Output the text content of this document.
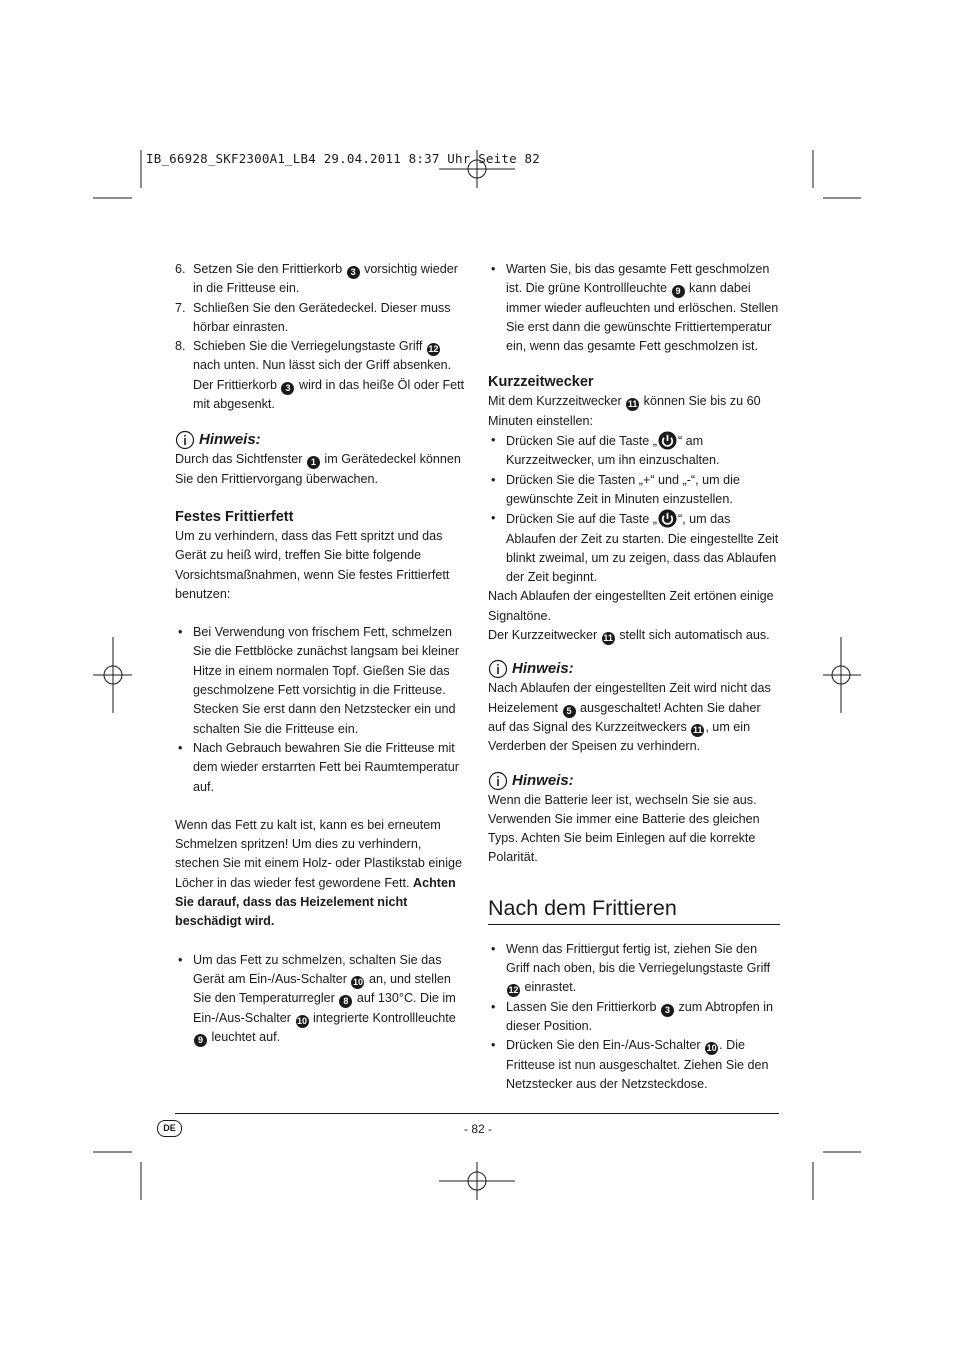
IB_66928_SKF2300A1_LB4 29.04.2011 8:37 Uhr Seite 82
6. Setzen Sie den Frittierkorb 3 vorsichtig wieder in die Fritteuse ein.
7. Schließen Sie den Gerätedeckel. Dieser muss hörbar einrasten.
8. Schieben Sie die Verriegelungstaste Griff 12 nach unten. Nun lässt sich der Griff absenken. Der Frittierkorb 3 wird in das heiße Öl oder Fett mit abgesenkt.
Hinweis:

Durch das Sichtfenster 1 im Gerätedeckel können Sie den Frittiervorgang überwachen.

Festes Frittierfett

Um zu verhindern, dass das Fett spritzt und das Gerät zu heiß wird, treffen Sie bitte folgende Vorsichtsmaßnahmen, wenn Sie festes Frittierfett benutzen:

• Bei Verwendung von frischem Fett, schmelzen Sie die Fettblöcke zunächst langsam bei kleiner Hitze in einem normalen Topf. Gießen Sie das geschmolzene Fett vorsichtig in die Fritteuse. Stecken Sie erst dann den Netzstecker ein und schalten Sie die Fritteuse ein.
• Nach Gebrauch bewahren Sie die Fritteuse mit dem wieder erstarrten Fett bei Raumtemperatur auf.

Wenn das Fett zu kalt ist, kann es bei erneutem Schmelzen spritzen! Um dies zu verhindern, stechen Sie mit einem Holz- oder Plastikstab einige Löcher in das wieder fest gewordene Fett. Achten Sie darauf, dass das Heizelement nicht beschädigt wird.

• Um das Fett zu schmelzen, schalten Sie das Gerät am Ein-/Aus-Schalter 10 an, und stellen Sie den Temperaturregler 8 auf 130°C. Die im Ein-/Aus-Schalter 10 integrierte Kontrollleuchte 9 leuchtet auf.
• Warten Sie, bis das gesamte Fett geschmolzen ist. Die grüne Kontrollleuchte 9 kann dabei immer wieder aufleuchten und erlöschen. Stellen Sie erst dann die gewünschte Frittiertemperatur ein, wenn das gesamte Fett geschmolzen ist.
Kurzzeitwecker

Mit dem Kurzzeitwecker 11 können Sie bis zu 60 Minuten einstellen:

• Drücken Sie auf die Taste „ “ am Kurzzeitwecker, um ihn einzuschalten.
• Drücken Sie die Tasten „+“ und „-“, um die gewünschte Zeit in Minuten einzustellen.
• Drücken Sie auf die Taste „ “, um das Ablaufen der Zeit zu starten. Die eingestellte Zeit blinkt zweimal, um zu zeigen, dass das Ablaufen der Zeit beginnt.

Nach Ablaufen der eingestellten Zeit ertönen einige Signaltöne.

Der Kurzzeitwecker 11 stellt sich automatisch aus.

Hinweis:

Nach Ablaufen der eingestellten Zeit wird nicht das Heizelement 5 ausgeschaltet! Achten Sie daher auf das Signal des Kurzzeitweckers 11 , um ein Verderben der Speisen zu verhindern.

Hinweis:

Wenn die Batterie leer ist, wechseln Sie sie aus. Verwenden Sie immer eine Batterie des gleichen Typs. Achten Sie beim Einlegen auf die korrekte Polarität.

Nach dem Frittieren
• Wenn das Frittiergut fertig ist, ziehen Sie den Griff nach oben, bis die Verriegelungstaste Griff 12 einrastet.
• Lassen Sie den Frittierkorb 3 zum Abtropfen in dieser Position.
• Drücken Sie den Ein-/Aus-Schalter 10 . Die Fritteuse ist nun ausgeschaltet. Ziehen Sie den Netzstecker aus der Netzsteckdose.
DE	- 82 -
